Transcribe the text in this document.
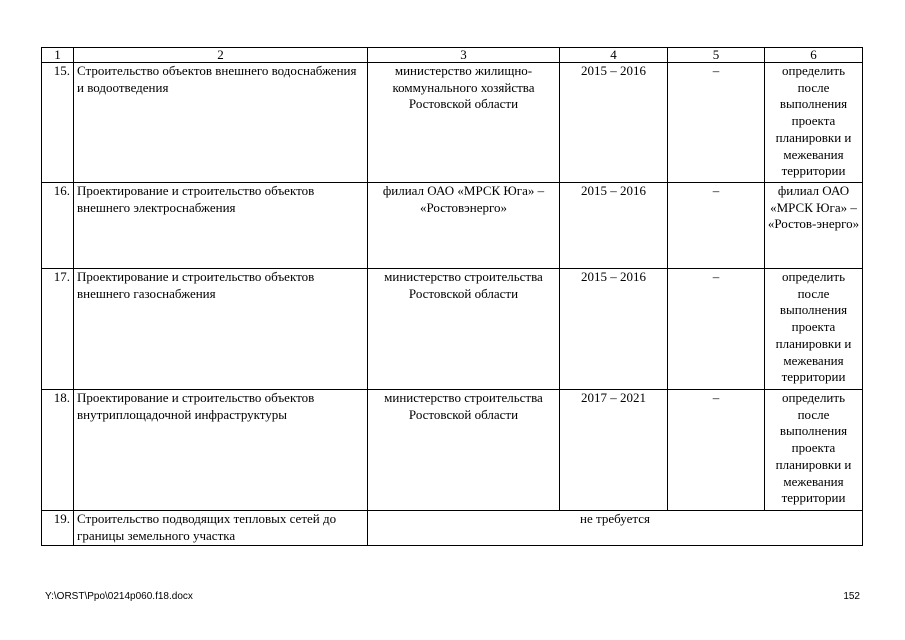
1	2	3	4	5	6
15.	Строительство объектов внешнего водоснабжения и водоотведения	министерство жилищно-коммунального хозяйства Ростовской области	2015 – 2016	–	определить после выполнения проекта планировки и межевания территории
16.	Проектирование и строительство объектов внешнего электроснабжения	филиал ОАО «МРСК Юга» – «Ростовэнерго»	2015 – 2016	–	филиал ОАО «МРСК Юга» – «Ростов-энерго»
17.	Проектирование и строительство объектов внешнего газоснабжения	министерство строительства Ростовской области	2015 – 2016	–	определить после выполнения проекта планировки и межевания территории
18.	Проектирование и строительство объектов внутриплощадочной инфраструктуры	министерство строительства Ростовской области	2017 – 2021	–	определить после выполнения проекта планировки и межевания территории
19.	Строительство подводящих тепловых сетей до границы земельного участка	не требуется			
Y:\ORST\Ppo\0214p060.f18.docx	152
